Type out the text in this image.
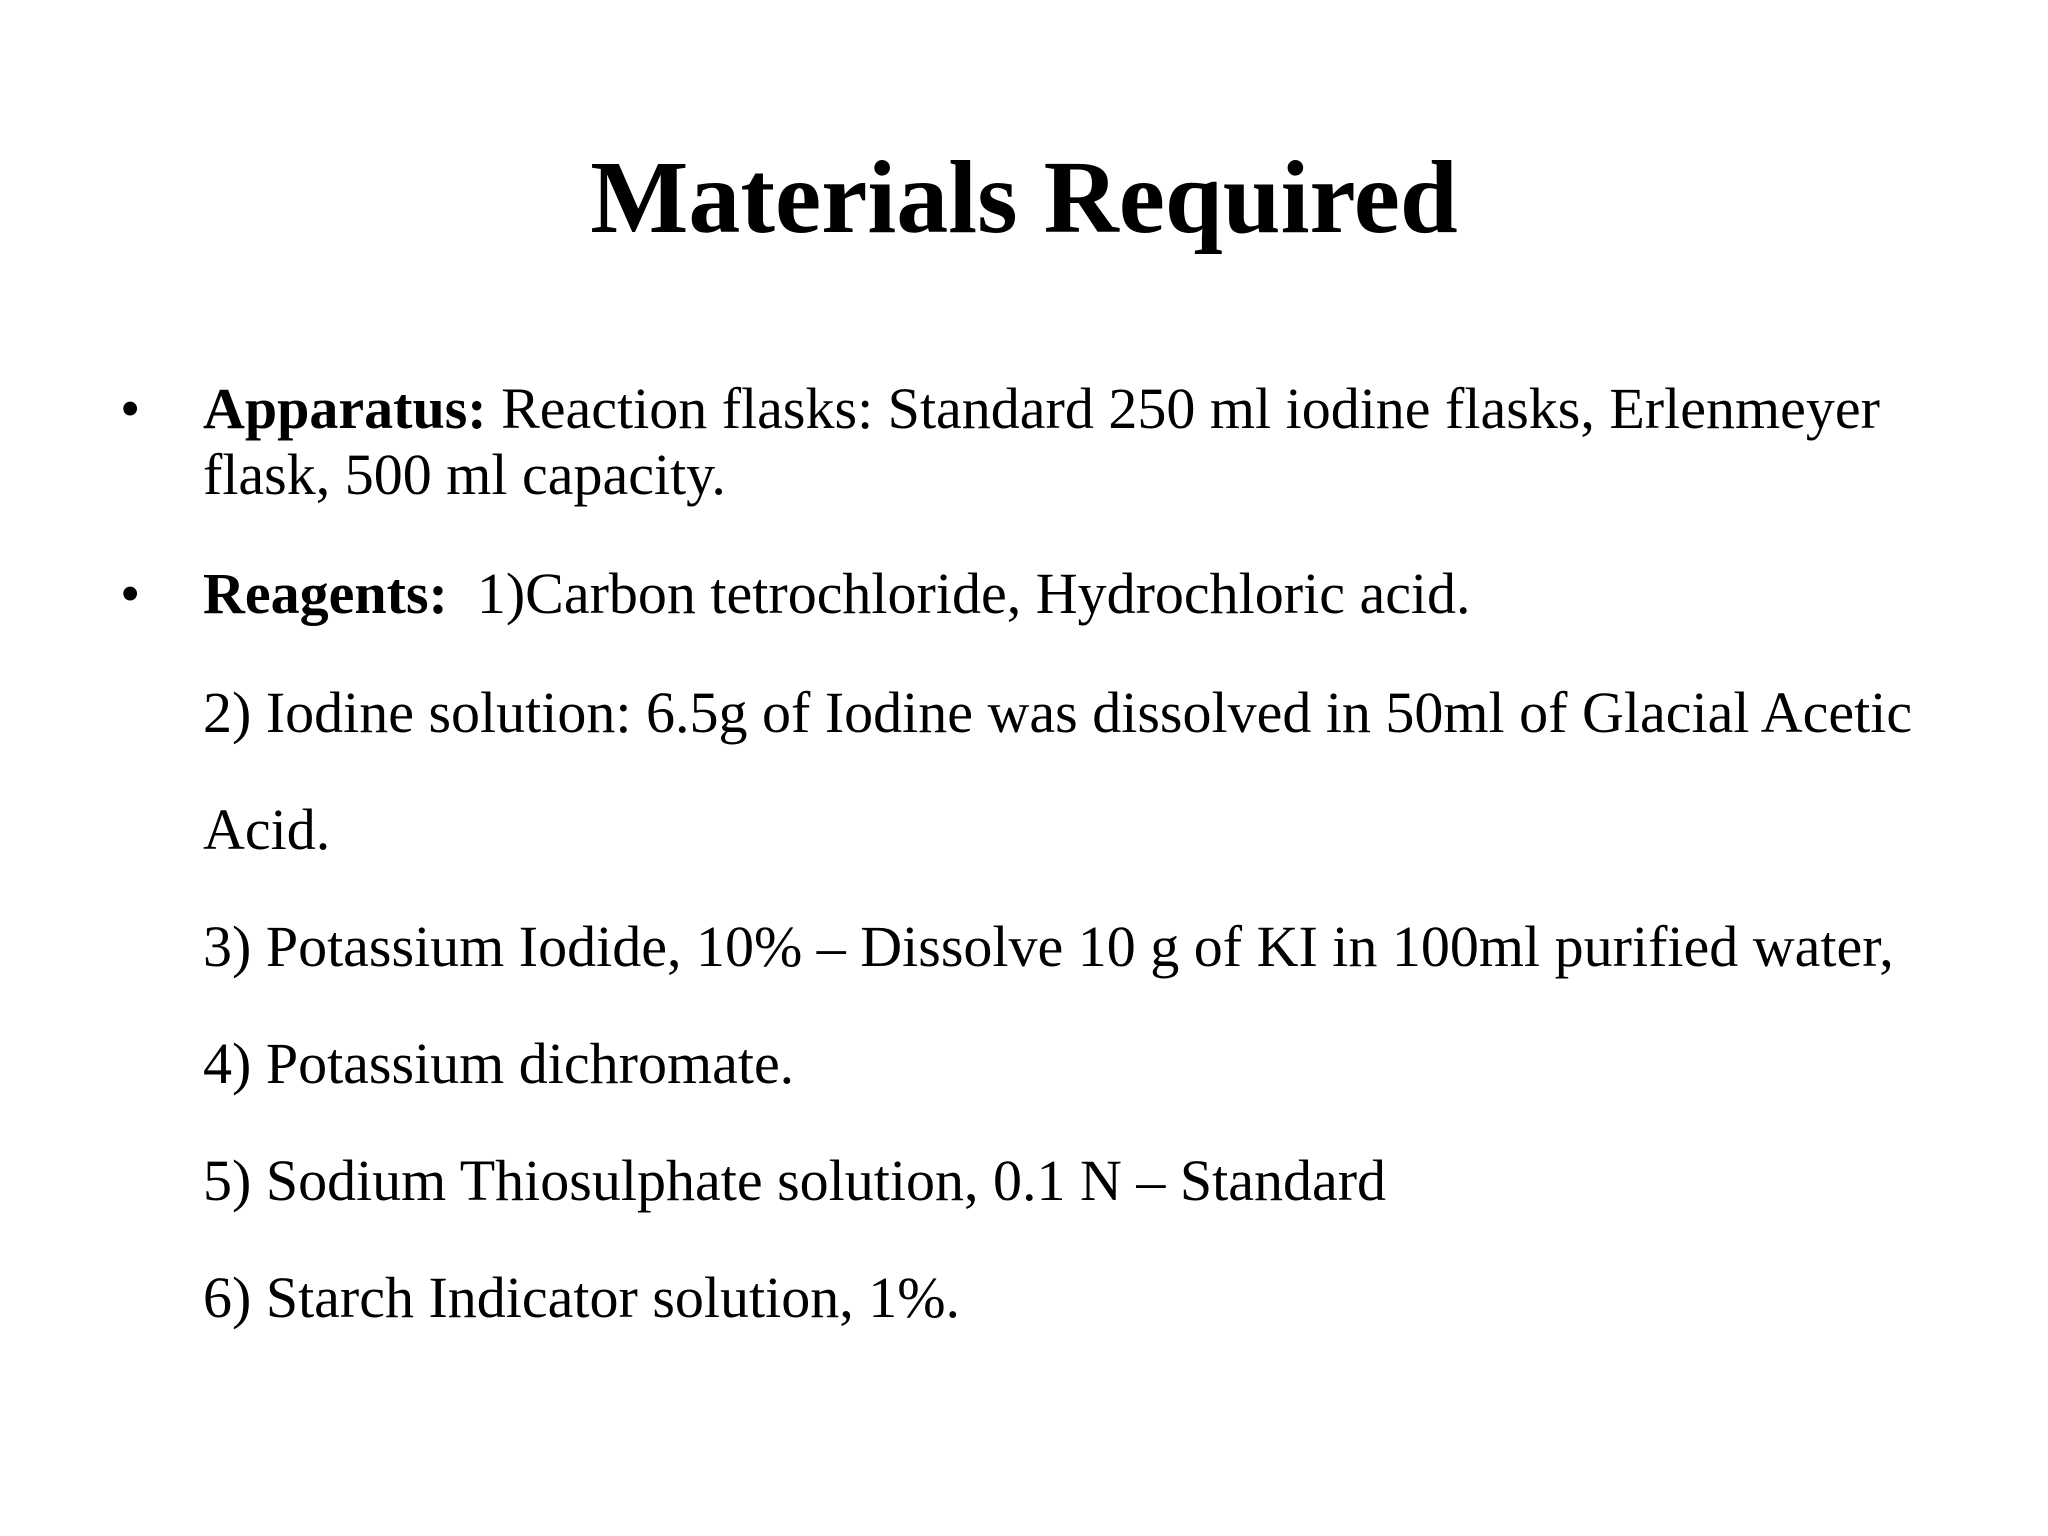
Materials Required
• Apparatus: Reaction flasks: Standard 250 ml iodine flasks, Erlenmeyer flask, 500 ml capacity.
• Reagents:  1)Carbon tetrochloride, Hydrochloric acid.
2) Iodine solution: 6.5g of Iodine was dissolved in 50ml of Glacial Acetic
Acid.
3) Potassium Iodide, 10% – Dissolve 10 g of KI in 100ml purified water,
4) Potassium dichromate.
5) Sodium Thiosulphate solution, 0.1 N – Standard
6) Starch Indicator solution, 1%.
